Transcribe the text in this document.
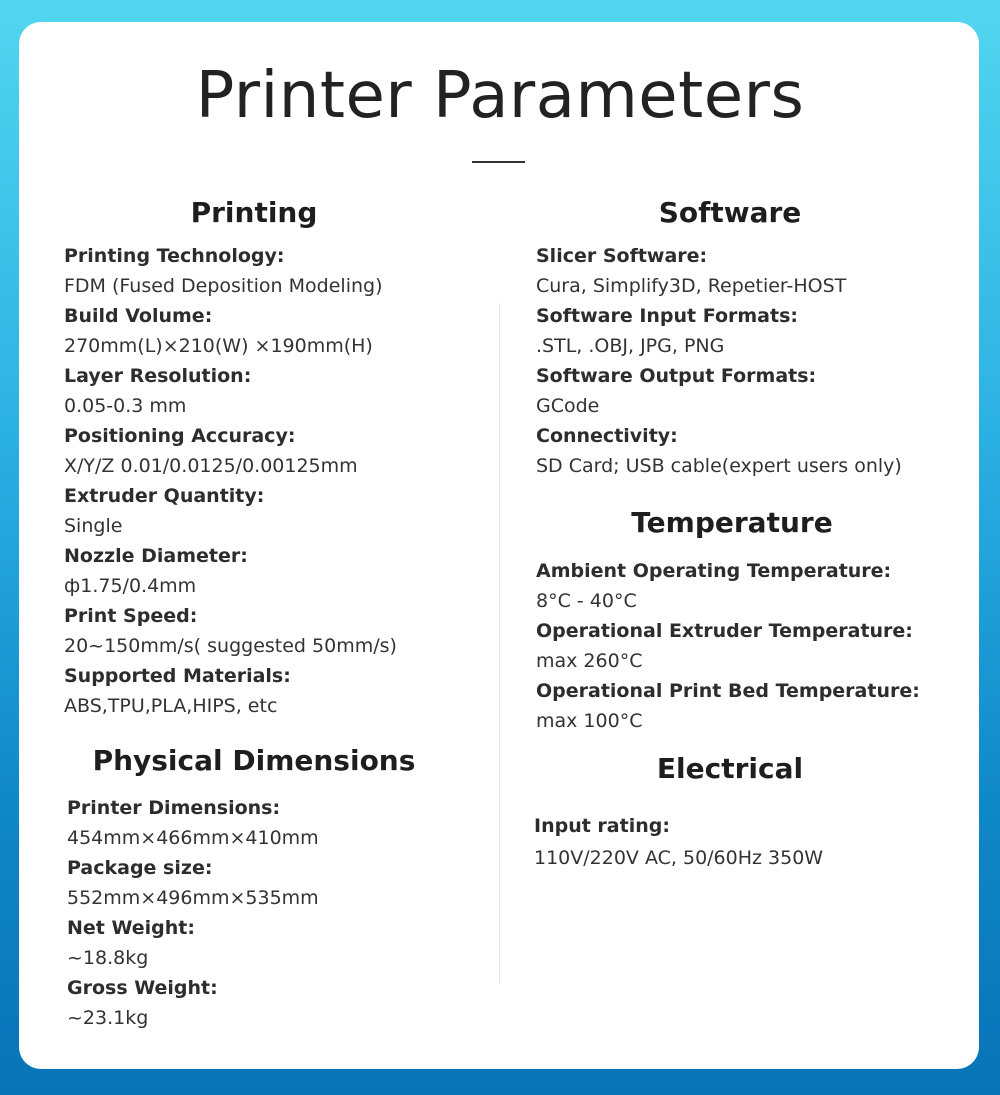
Printer Parameters
Printing
Printing Technology:
FDM (Fused Deposition Modeling)
Build Volume:
270mm(L)×210(W) ×190mm(H)
Layer Resolution:
0.05-0.3 mm
Positioning Accuracy:
X/Y/Z 0.01/0.0125/0.00125mm
Extruder Quantity:
Single
Nozzle Diameter:
ф1.75/0.4mm
Print Speed:
20~150mm/s( suggested 50mm/s)
Supported Materials:
ABS,TPU,PLA,HIPS, etc
Software
Slicer Software:
Cura, Simplify3D, Repetier-HOST
Software Input Formats:
.STL, .OBJ, JPG, PNG
Software Output Formats:
GCode
Connectivity:
SD Card; USB cable(expert users only)
Temperature
Ambient Operating Temperature:
8°C - 40°C
Operational Extruder Temperature:
max 260°C
Operational Print Bed Temperature:
max 100°C
Physical Dimensions
Printer Dimensions:
454mm×466mm×410mm
Package size:
552mm×496mm×535mm
Net Weight:
~18.8kg
Gross Weight:
~23.1kg
Electrical
Input rating:
110V/220V AC, 50/60Hz 350W
